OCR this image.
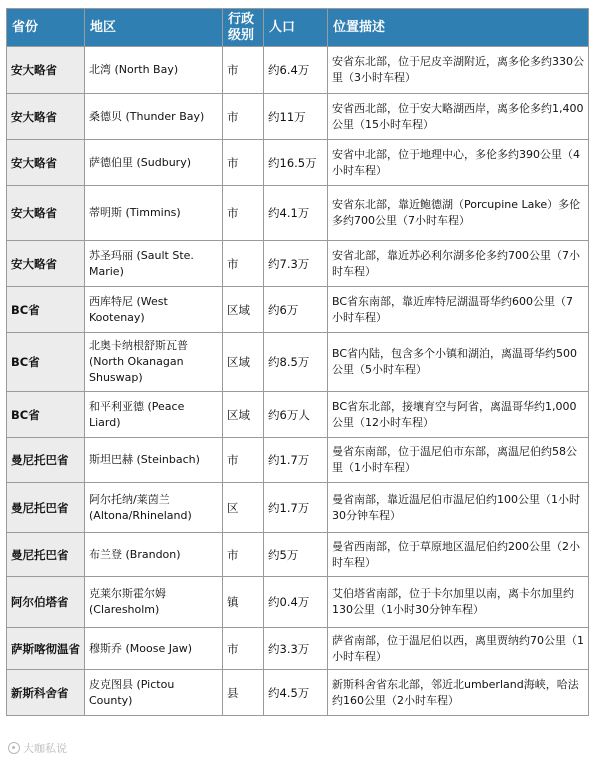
省份	地区	行政级别	人口	位置描述
安大略省	北湾 (North Bay)	市	约6.4万	安省东北部，位于尼皮辛湖附近，离多伦多约330公里（3小时车程）
安大略省	桑德贝 (Thunder Bay)	市	约11万	安省西北部，位于安大略湖西岸，离多伦多约1,400公里（15小时车程）
安大略省	萨德伯里 (Sudbury)	市	约16.5万	安省中北部，位于地理中心，多伦多约390公里（4小时车程）
安大略省	蒂明斯 (Timmins)	市	约4.1万	安省东北部，靠近鲍德湖（Porcupine Lake）多伦多约700公里（7小时车程）
安大略省	苏圣玛丽 (Sault Ste. Marie)	市	约7.3万	安省北部，靠近苏必利尔湖多伦多约700公里（7小时车程）
BC省	西库特尼 (West Kootenay)	区域	约6万	BC省东南部，靠近库特尼湖温哥华约600公里（7小时车程）
BC省	北奥卡纳根舒斯瓦普 (North Okanagan Shuswap)	区域	约8.5万	BC省内陆，包含多个小镇和湖泊，离温哥华约500公里（5小时车程）
BC省	和平利亚德 (Peace Liard)	区域	约6万人	BC省东北部，接壤育空与阿省，离温哥华约1,000公里（12小时车程）
曼尼托巴省	斯坦巴赫 (Steinbach)	市	约1.7万	曼省东南部，位于温尼伯市东部，离温尼伯约58公里（1小时车程）
曼尼托巴省	阿尔托纳/莱茵兰 (Altona/Rhineland)	区	约1.7万	曼省南部，靠近温尼伯市温尼伯约100公里（1小时30分钟车程）
曼尼托巴省	布兰登 (Brandon)	市	约5万	曼省西南部，位于草原地区温尼伯约200公里（2小时车程）
阿尔伯塔省	克莱尔斯霍尔姆 (Claresholm)	镇	约0.4万	艾伯塔省南部，位于卡尔加里以南，离卡尔加里约130公里（1小时30分钟车程）
萨斯喀彻温省	穆斯乔 (Moose Jaw)	市	约3.3万	萨省南部，位于温尼伯以西，离里贾纳约70公里（1小时车程）
新斯科舍省	皮克图县 (Pictou County)	县	约4.5万	新斯科舍省东北部，邻近北umberland海峡，哈法约160公里（2小时车程）
大咖私说
